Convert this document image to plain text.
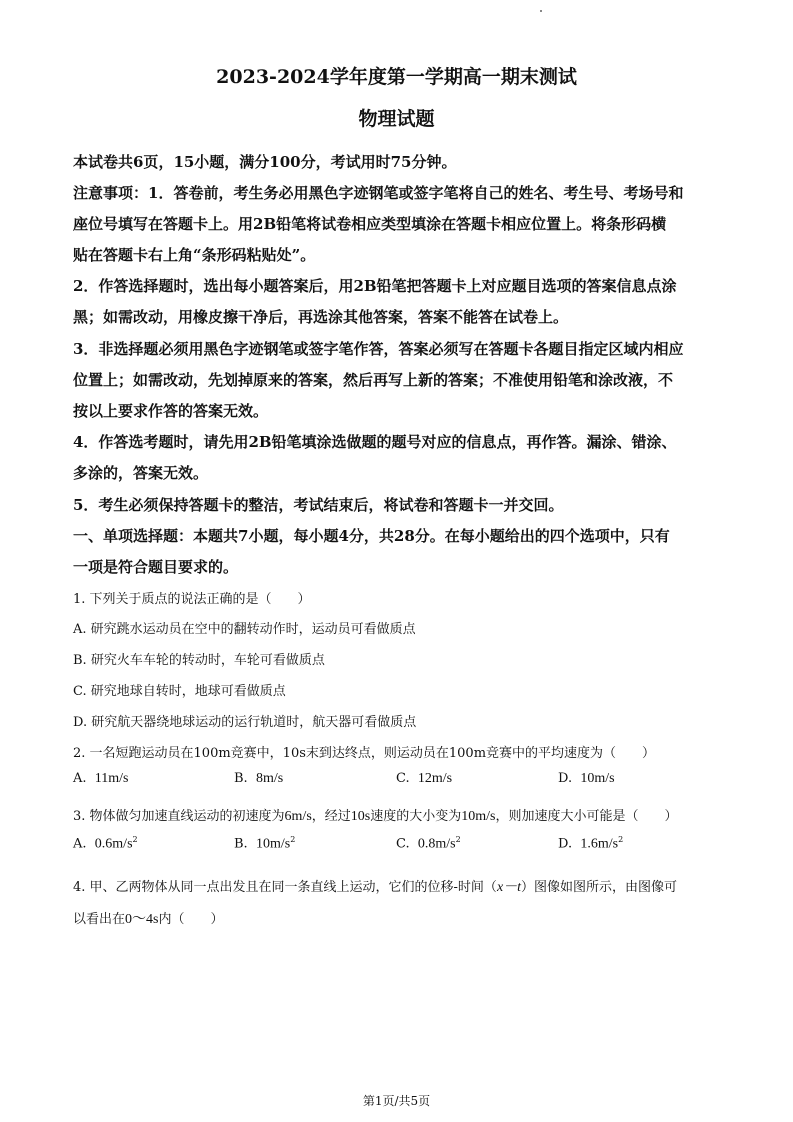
2023-2024学年度第一学期高一期末测试
物理试题
本试卷共6页，15小题，满分100分，考试用时75分钟。
注意事项：1．答卷前，考生务必用黑色字迹钢笔或签字笔将自己的姓名、考生号、考场号和
座位号填写在答题卡上。用2B铅笔将试卷相应类型填涂在答题卡相应位置上。将条形码横
贴在答题卡右上角“条形码粘贴处”。
2．作答选择题时，选出每小题答案后，用2B铅笔把答题卡上对应题目选项的答案信息点涂
黑；如需改动，用橡皮擦干净后，再选涂其他答案，答案不能答在试卷上。
3．非选择题必须用黑色字迹钢笔或签字笔作答，答案必须写在答题卡各题目指定区域内相应
位置上；如需改动，先划掉原来的答案，然后再写上新的答案；不准使用铅笔和涂改液，不
按以上要求作答的答案无效。
4．作答选考题时，请先用2B铅笔填涂选做题的题号对应的信息点，再作答。漏涂、错涂、
多涂的，答案无效。
5．考生必须保持答题卡的整洁，考试结束后，将试卷和答题卡一并交回。
一、单项选择题：本题共7小题，每小题4分，共28分。在每小题给出的四个选项中，只有
一项是符合题目要求的。
1. 下列关于质点的说法正确的是（　　）
A. 研究跳水运动员在空中的翻转动作时，运动员可看做质点
B. 研究火车车轮的转动时，车轮可看做质点
C. 研究地球自转时，地球可看做质点
D. 研究航天器绕地球运动的运行轨道时，航天器可看做质点
2. 一名短跑运动员在100m竞赛中，10s末到达终点，则运动员在100m竞赛中的平均速度为（　　）
A. 11m/s	B. 8m/s	C. 12m/s	D. 10m/s
3. 物体做匀加速直线运动的初速度为6m/s，经过10s速度的大小变为10m/s，则加速度大小可能是（　　）
A. $0.6m/s^2$	B. $10m/s^2$	C. $0.8m/s^2$	D. $1.6m/s^2$
4. 甲、乙两物体从同一点出发且在同一条直线上运动，它们的位移-时间（x－t）图像如图所示，由图像可
以看出在0～4s内（　　）
第1页/共5页
